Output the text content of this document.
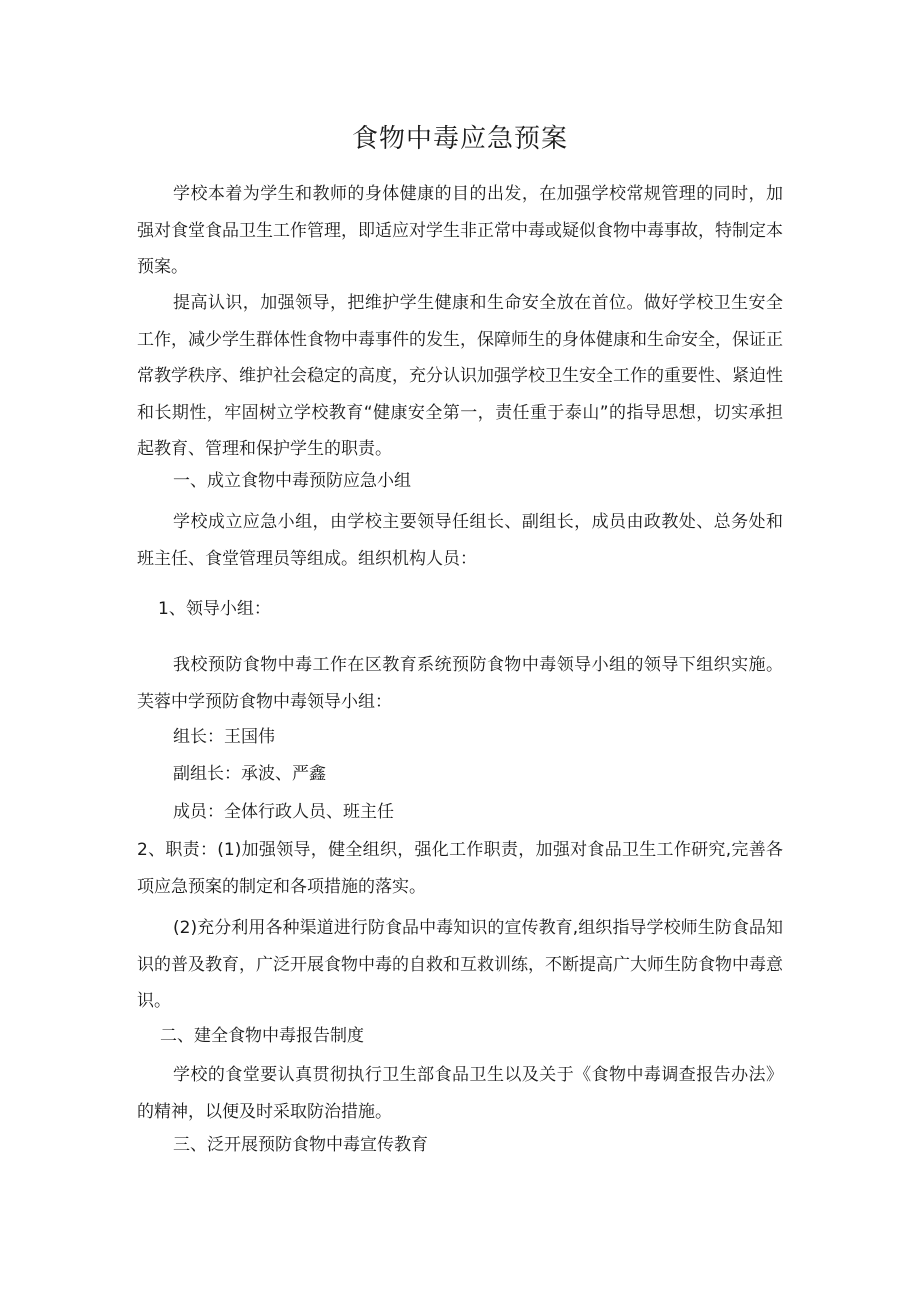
食物中毒应急预案
学校本着为学生和教师的身体健康的目的出发，在加强学校常规管理的同时，加强对食堂食品卫生工作管理，即适应对学生非正常中毒或疑似食物中毒事故，特制定本预案。
提高认识，加强领导，把维护学生健康和生命安全放在首位。做好学校卫生安全工作，减少学生群体性食物中毒事件的发生，保障师生的身体健康和生命安全，保证正常教学秩序、维护社会稳定的高度，充分认识加强学校卫生安全工作的重要性、紧迫性和长期性，牢固树立学校教育“健康安全第一，责任重于泰山”的指导思想，切实承担起教育、管理和保护学生的职责。
一、成立食物中毒预防应急小组
学校成立应急小组，由学校主要领导任组长、副组长，成员由政教处、总务处和班主任、食堂管理员等组成。组织机构人员：
1、领导小组：
我校预防食物中毒工作在区教育系统预防食物中毒领导小组的领导下组织实施。芙蓉中学预防食物中毒领导小组：
组长：王国伟
副组长：承波、严鑫
成员：全体行政人员、班主任
2、职责：(1)加强领导，健全组织，强化工作职责，加强对食品卫生工作研究,完善各项应急预案的制定和各项措施的落实。
(2)充分利用各种渠道进行防食品中毒知识的宣传教育,组织指导学校师生防食品知识的普及教育，广泛开展食物中毒的自救和互救训练，不断提高广大师生防食物中毒意识。
二、建全食物中毒报告制度
学校的食堂要认真贯彻执行卫生部食品卫生以及关于《食物中毒调查报告办法》的精神，以便及时采取防治措施。
三、泛开展预防食物中毒宣传教育
